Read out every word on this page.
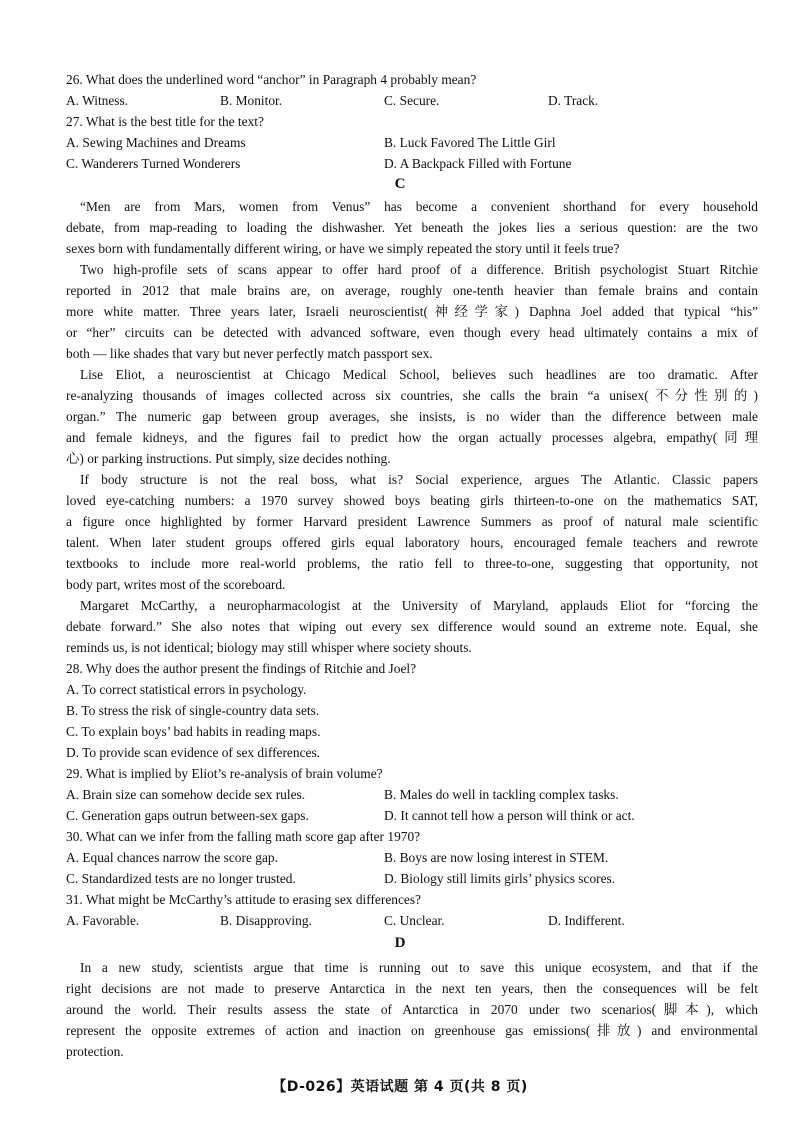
26. What does the underlined word “anchor” in Paragraph 4 probably mean?
A. Witness.	B. Monitor.	C. Secure.	D. Track.
27. What is the best title for the text?
A. Sewing Machines and Dreams	B. Luck Favored The Little Girl
C. Wanderers Turned Wonderers	D. A Backpack Filled with Fortune
C
“Men are from Mars, women from Venus” has become a convenient shorthand for every household
debate, from map-reading to loading the dishwasher. Yet beneath the jokes lies a serious question: are the two
sexes born with fundamentally different wiring, or have we simply repeated the story until it feels true?
Two high-profile sets of scans appear to offer hard proof of a difference. British psychologist Stuart Ritchie
reported in 2012 that male brains are, on average, roughly one-tenth heavier than female brains and contain
more white matter. Three years later, Israeli neuroscientist(神经学家) Daphna Joel added that typical “his”
or “her” circuits can be detected with advanced software, even though every head ultimately contains a mix of
both — like shades that vary but never perfectly match passport sex.
Lise Eliot, a neuroscientist at Chicago Medical School, believes such headlines are too dramatic. After
re-analyzing thousands of images collected across six countries, she calls the brain “a unisex(不分性别的)
organ.” The numeric gap between group averages, she insists, is no wider than the difference between male
and female kidneys, and the figures fail to predict how the organ actually processes algebra, empathy(同理
心) or parking instructions. Put simply, size decides nothing.
If body structure is not the real boss, what is? Social experience, argues The Atlantic. Classic papers
loved eye-catching numbers: a 1970 survey showed boys beating girls thirteen-to-one on the mathematics SAT,
a figure once highlighted by former Harvard president Lawrence Summers as proof of natural male scientific
talent. When later student groups offered girls equal laboratory hours, encouraged female teachers and rewrote
textbooks to include more real-world problems, the ratio fell to three-to-one, suggesting that opportunity, not
body part, writes most of the scoreboard.
Margaret McCarthy, a neuropharmacologist at the University of Maryland, applauds Eliot for “forcing the
debate forward.” She also notes that wiping out every sex difference would sound an extreme note. Equal, she
reminds us, is not identical; biology may still whisper where society shouts.
28. Why does the author present the findings of Ritchie and Joel?
A. To correct statistical errors in psychology.
B. To stress the risk of single-country data sets.
C. To explain boys’ bad habits in reading maps.
D. To provide scan evidence of sex differences.
29. What is implied by Eliot’s re-analysis of brain volume?
A. Brain size can somehow decide sex rules.	B. Males do well in tackling complex tasks.
C. Generation gaps outrun between-sex gaps.	D. It cannot tell how a person will think or act.
30. What can we infer from the falling math score gap after 1970?
A. Equal chances narrow the score gap.	B. Boys are now losing interest in STEM.
C. Standardized tests are no longer trusted.	D. Biology still limits girls’ physics scores.
31. What might be McCarthy’s attitude to erasing sex differences?
A. Favorable.	B. Disapproving.	C. Unclear.	D. Indifferent.
D
In a new study, scientists argue that time is running out to save this unique ecosystem, and that if the
right decisions are not made to preserve Antarctica in the next ten years, then the consequences will be felt
around the world. Their results assess the state of Antarctica in 2070 under two scenarios(脚本), which
represent the opposite extremes of action and inaction on greenhouse gas emissions(排放) and environmental
protection.
【D-026】英语试题 第 4 页(共 8 页)
